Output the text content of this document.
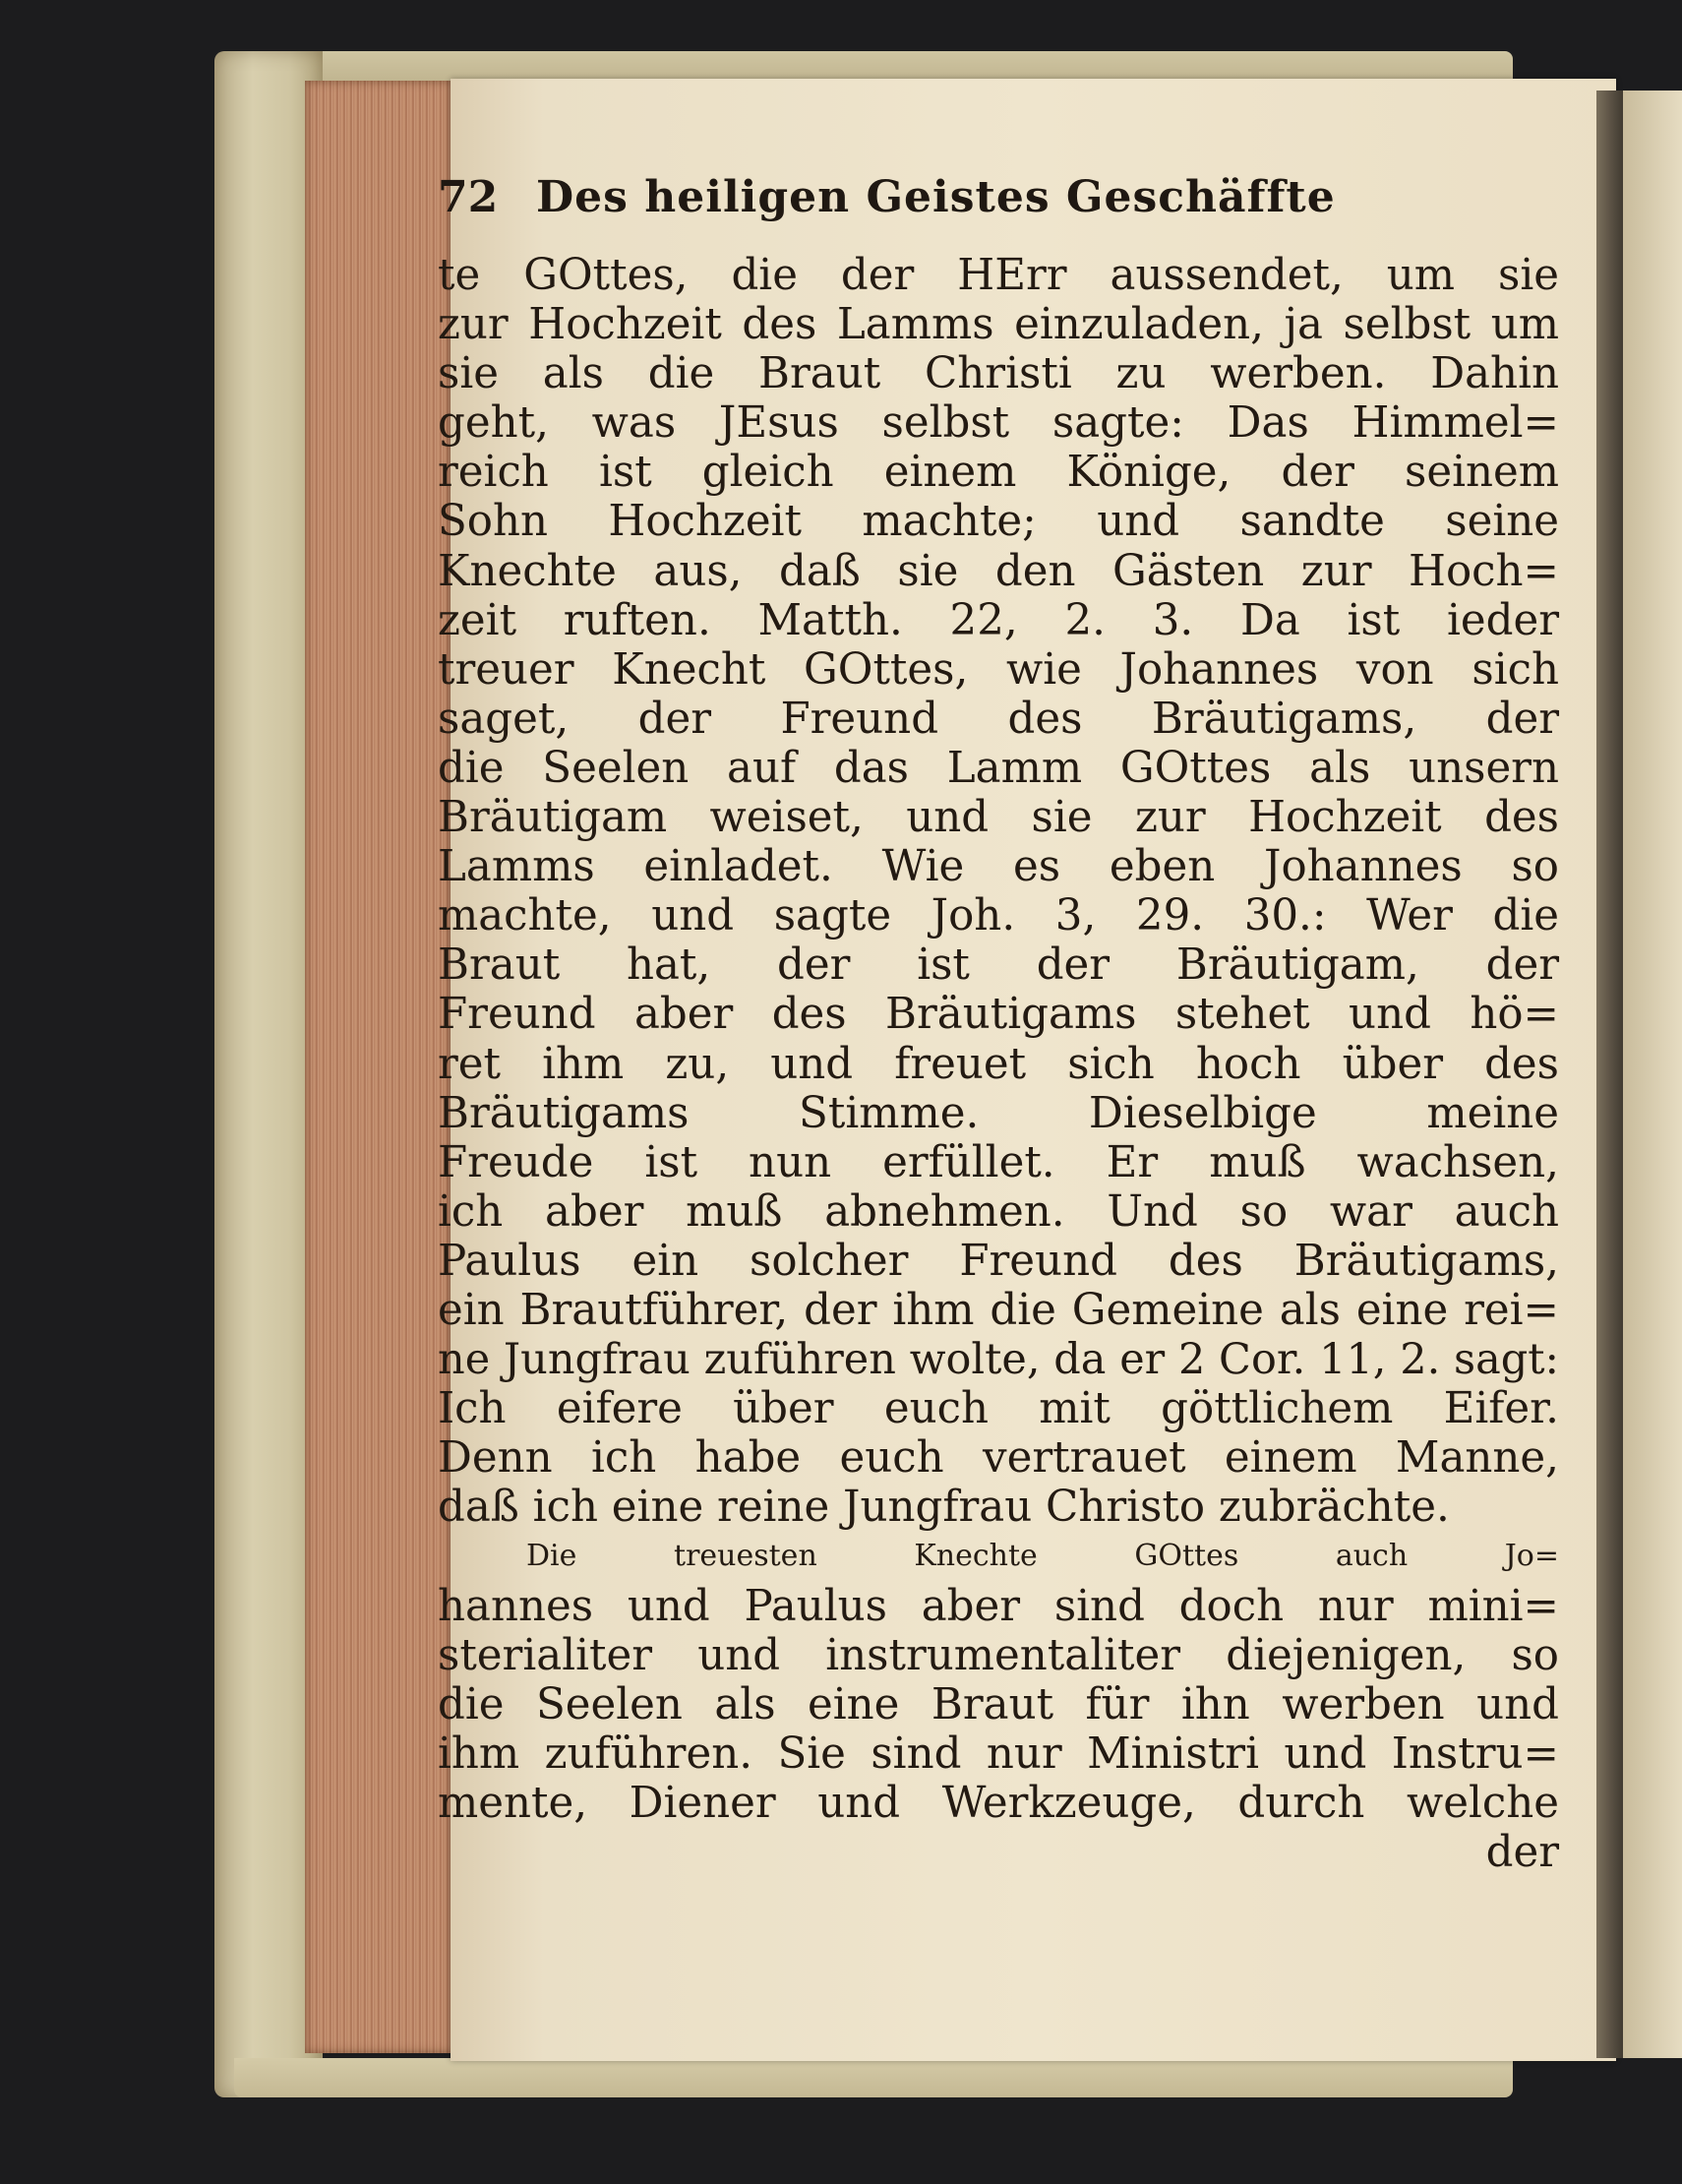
72 Des heiligen Geistes Geschäffte
te GOttes, die der HErr aussendet, um sie
zur Hochzeit des Lamms einzuladen, ja selbst um
sie als die Braut Christi zu werben. Dahin
geht, was JEsus selbst sagte: Das Himmel=
reich ist gleich einem Könige, der seinem
Sohn Hochzeit machte; und sandte seine
Knechte aus, daß sie den Gästen zur Hoch=
zeit ruften. Matth. 22, 2. 3. Da ist ieder
treuer Knecht GOttes, wie Johannes von sich
saget, der Freund des Bräutigams, der
die Seelen auf das Lamm GOttes als unsern
Bräutigam weiset, und sie zur Hochzeit des
Lamms einladet. Wie es eben Johannes so
machte, und sagte Joh. 3, 29. 30.: Wer die
Braut hat, der ist der Bräutigam, der
Freund aber des Bräutigams stehet und hö=
ret ihm zu, und freuet sich hoch über des
Bräutigams Stimme. Dieselbige meine
Freude ist nun erfüllet. Er muß wachsen,
ich aber muß abnehmen. Und so war auch
Paulus ein solcher Freund des Bräutigams,
ein Brautführer, der ihm die Gemeine als eine rei=
ne Jungfrau zuführen wolte, da er 2 Cor. 11, 2. sagt:
Ich eifere über euch mit göttlichem Eifer.
Denn ich habe euch vertrauet einem Manne,
daß ich eine reine Jungfrau Christo zubrächte.
Die treuesten Knechte GOttes auch Jo=
hannes und Paulus aber sind doch nur mini=
sterialiter und instrumentaliter diejenigen, so
die Seelen als eine Braut für ihn werben und
ihm zuführen. Sie sind nur Ministri und Instru=
mente, Diener und Werkzeuge, durch welche
der
